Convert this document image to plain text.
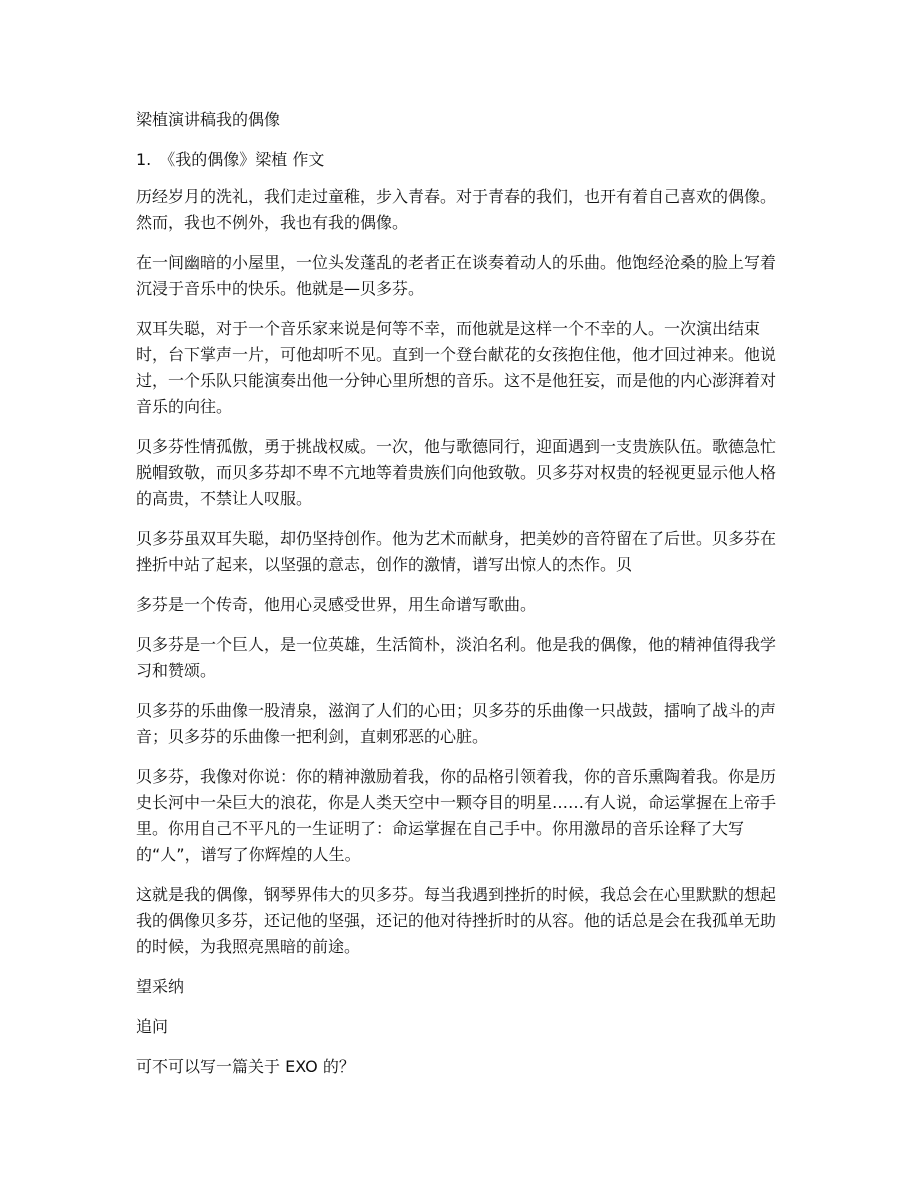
梁植演讲稿我的偶像
1.　《我的偶像》梁植 作文

历经岁月的洗礼，我们走过童稚，步入青春。对于青春的我们，也开有着自己喜欢的偶像。然而，我也不例外，我也有我的偶像。

在一间幽暗的小屋里，一位头发蓬乱的老者正在谈奏着动人的乐曲。他饱经沧桑的脸上写着沉浸于音乐中的快乐。他就是—贝多芬。

双耳失聪，对于一个音乐家来说是何等不幸，而他就是这样一个不幸的人。一次演出结束时，台下掌声一片，可他却听不见。直到一个登台献花的女孩抱住他，他才回过神来。他说过，一个乐队只能演奏出他一分钟心里所想的音乐。这不是他狂妄，而是他的内心澎湃着对音乐的向往。

贝多芬性情孤傲，勇于挑战权威。一次，他与歌德同行，迎面遇到一支贵族队伍。歌德急忙脱帽致敬，而贝多芬却不卑不亢地等着贵族们向他致敬。贝多芬对权贵的轻视更显示他人格的高贵，不禁让人叹服。

贝多芬虽双耳失聪，却仍坚持创作。他为艺术而献身，把美妙的音符留在了后世。贝多芬在挫折中站了起来，以坚强的意志，创作的激情，谱写出惊人的杰作。贝

多芬是一个传奇，他用心灵感受世界，用生命谱写歌曲。

贝多芬是一个巨人，是一位英雄，生活简朴，淡泊名利。他是我的偶像，他的精神值得我学习和赞颂。

贝多芬的乐曲像一股清泉，滋润了人们的心田；贝多芬的乐曲像一只战鼓，擂响了战斗的声音；贝多芬的乐曲像一把利剑，直刺邪恶的心脏。

贝多芬，我像对你说：你的精神激励着我，你的品格引领着我，你的音乐熏陶着我。你是历史长河中一朵巨大的浪花，你是人类天空中一颗夺目的明星……有人说，命运掌握在上帝手里。你用自己不平凡的一生证明了：命运掌握在自己手中。你用激昂的音乐诠释了大写的“人”，谱写了你辉煌的人生。

这就是我的偶像，钢琴界伟大的贝多芬。每当我遇到挫折的时候，我总会在心里默默的想起我的偶像贝多芬，还记他的坚强，还记的他对待挫折时的从容。他的话总是会在我孤单无助的时候，为我照亮黑暗的前途。

望采纳

追问

可不可以写一篇关于 EXO 的？
